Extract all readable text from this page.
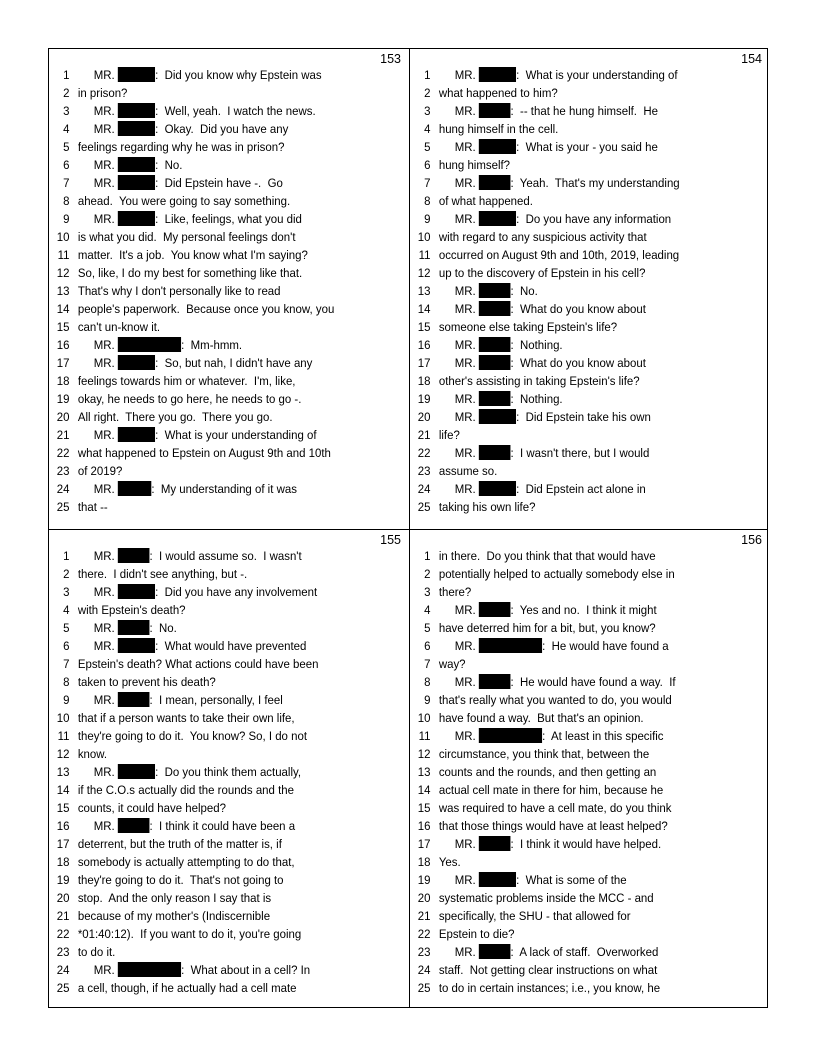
153
1 MR.	:  Did you know why Epstein was
2 in prison?
3 MR.	:  Well, yeah.  I watch the news.
4 MR.	:  Okay.  Did you have any
5 feelings regarding why he was in prison?
6 MR.	:  No.
7 MR.	:  Did Epstein have -.  Go
8 ahead.  You were going to say something.
9 MR.	:  Like, feelings, what you did
10 is what you did.  My personal feelings don't
11 matter.  It's a job.  You know what I'm saying?
12 So, like, I do my best for something like that.
13 That's why I don't personally like to read
14 people's paperwork.  Because once you know, you
15 can't un-know it.
16 MR.	:  Mm-hmm.
17 MR.	:  So, but nah, I didn't have any
18 feelings towards him or whatever.  I'm, like,
19 okay, he needs to go here, he needs to go -.
20 All right.  There you go.  There you go.
21 MR.	:  What is your understanding of
22 what happened to Epstein on August 9th and 10th
23 of 2019?
24 MR.	:  My understanding of it was
25 that --
154
1 MR.	:  What is your understanding of
2 what happened to him?
3 MR.	:  -- that he hung himself.  He
4 hung himself in the cell.
5 MR.	:  What is your - you said he
6 hung himself?
7 MR.	:  Yeah.  That's my understanding
8 of what happened.
9 MR.	:  Do you have any information
10 with regard to any suspicious activity that
11 occurred on August 9th and 10th, 2019, leading
12 up to the discovery of Epstein in his cell?
13 MR.	:  No.
14 MR.	:  What do you know about
15 someone else taking Epstein's life?
16 MR.	:  Nothing.
17 MR.	:  What do you know about
18 other's assisting in taking Epstein's life?
19 MR.	:  Nothing.
20 MR.	:  Did Epstein take his own
21 life?
22 MR.	:  I wasn't there, but I would
23 assume so.
24 MR.	:  Did Epstein act alone in
25 taking his own life?
155
1 MR.	:  I would assume so.  I wasn't
2 there.  I didn't see anything, but -.
3 MR.	:  Did you have any involvement
4 with Epstein's death?
5 MR.	:  No.
6 MR.	:  What would have prevented
7 Epstein's death? What actions could have been
8 taken to prevent his death?
9 MR.	:  I mean, personally, I feel
10 that if a person wants to take their own life,
11 they're going to do it.  You know? So, I do not
12 know.
13 MR.	:  Do you think them actually,
14 if the C.O.s actually did the rounds and the
15 counts, it could have helped?
16 MR.	:  I think it could have been a
17 deterrent, but the truth of the matter is, if
18 somebody is actually attempting to do that,
19 they're going to do it.  That's not going to
20 stop.  And the only reason I say that is
21 because of my mother's (Indiscernible
22 *01:40:12).  If you want to do it, you're going
23 to do it.
24 MR.	:  What about in a cell? In
25 a cell, though, if he actually had a cell mate
156
1 in there.  Do you think that that would have
2 potentially helped to actually somebody else in
3 there?
4 MR.	:  Yes and no.  I think it might
5 have deterred him for a bit, but, you know?
6 MR.	:  He would have found a
7 way?
8 MR.	:  He would have found a way.  If
9 that's really what you wanted to do, you would
10 have found a way.  But that's an opinion.
11 MR.	:  At least in this specific
12 circumstance, you think that, between the
13 counts and the rounds, and then getting an
14 actual cell mate in there for him, because he
15 was required to have a cell mate, do you think
16 that those things would have at least helped?
17 MR.	:  I think it would have helped.
18 Yes.
19 MR.	:  What is some of the
20 systematic problems inside the MCC - and
21 specifically, the SHU - that allowed for
22 Epstein to die?
23 MR.	:  A lack of staff.  Overworked
24 staff.  Not getting clear instructions on what
25 to do in certain instances; i.e., you know, he
